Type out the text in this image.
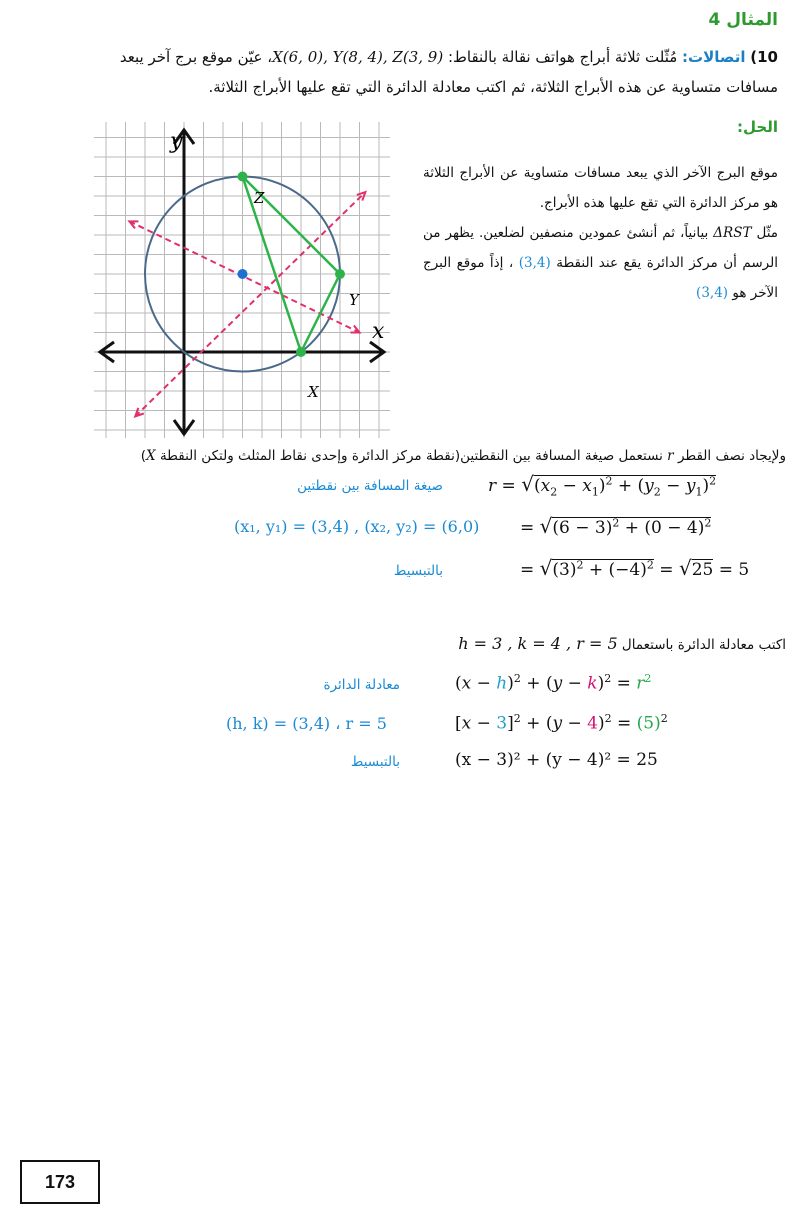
المثال 4
10) اتصالات: مُثّلت ثلاثة أبراج هواتف نقالة بالنقاط: X(6, 0), Y(8, 4), Z(3, 9)، عيّن موقع برج آخر يبعد
مسافات متساوية عن هذه الأبراج الثلاثة، ثم اكتب معادلة الدائرة التي تقع عليها الأبراج الثلاثة.
الحل:
موقع البرج الآخر الذي يبعد مسافات متساوية عن الأبراج الثلاثة هو مركز الدائرة التي تقع عليها هذه الأبراج.
مثّل ΔRST بيانياً، ثم أنشئ عمودين منصفين لضلعين. يظهر من الرسم أن مركز الدائرة يقع عند النقطة (3,4) ، إذاً موقع البرج الآخر هو (3,4)
y
x
Z
Y
X
ولإيجاد نصف القطر r نستعمل صيغة المسافة بين النقطتين(نقطة مركز الدائرة وإحدى نقاط المثلث ولتكن النقطة X)
$r = √(x_2 - x_1)^2 + (y_2 - y_1)^2$
صيغة المسافة بين نقطتين
= $√(6 - 3)^2 + (0 - 4)^2$
(x₁, y₁) = (3,4) , (x₂, y₂) = (6,0)
= $√(3)^2 + (-4)^2 = √25 = 5$
بالتبسيط
اكتب معادلة الدائرة باستعمال h = 3 , k = 4 , r = 5
$(x - h)^2 + (y - k)^2 = r^2$
معادلة الدائرة
$[x - 3]^2 + (y - 4)^2 = (5)^2$
(h, k) = (3,4) ، r = 5
(x − 3)² + (y − 4)² = 25
بالتبسيط
173
